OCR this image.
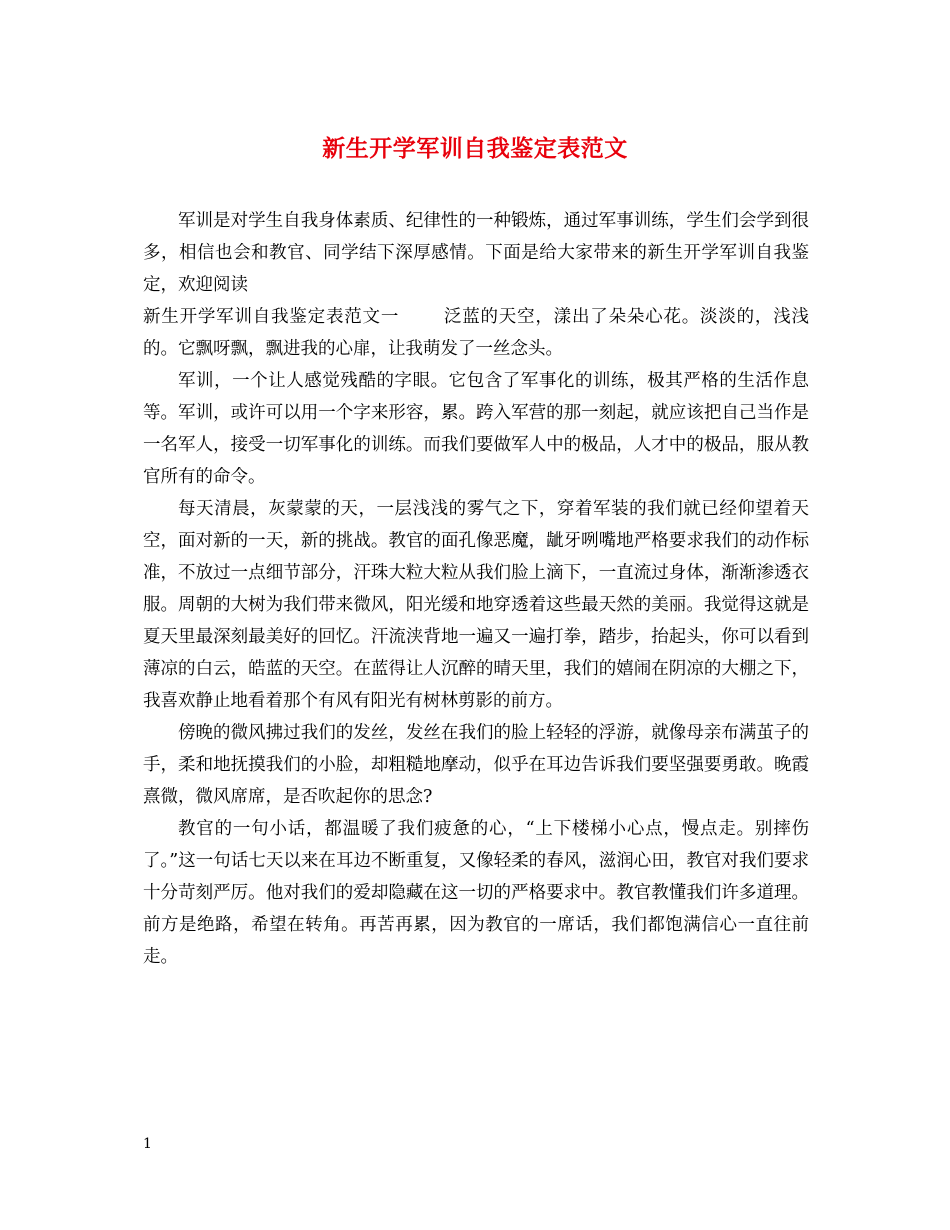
新生开学军训自我鉴定表范文

军训是对学生自我身体素质、纪律性的一种锻炼，通过军事训练，学生们会学到很多，相信也会和教官、同学结下深厚感情。下面是给大家带来的新生开学军训自我鉴定，欢迎阅读

新生开学军训自我鉴定表范文一	泛蓝的天空，漾出了朵朵心花。淡淡的，浅浅的。它飘呀飘，飘进我的心扉，让我萌发了一丝念头。

军训，一个让人感觉残酷的字眼。它包含了军事化的训练，极其严格的生活作息等。军训，或许可以用一个字来形容，累。跨入军营的那一刻起，就应该把自己当作是一名军人，接受一切军事化的训练。而我们要做军人中的极品，人才中的极品，服从教官所有的命令。

每天清晨，灰蒙蒙的天，一层浅浅的雾气之下，穿着军装的我们就已经仰望着天空，面对新的一天，新的挑战。教官的面孔像恶魔，龇牙咧嘴地严格要求我们的动作标准，不放过一点细节部分，汗珠大粒大粒从我们脸上滴下，一直流过身体，渐渐渗透衣服。周朝的大树为我们带来微风，阳光缓和地穿透着这些最天然的美丽。我觉得这就是夏天里最深刻最美好的回忆。汗流浃背地一遍又一遍打拳，踏步，抬起头，你可以看到薄凉的白云，皓蓝的天空。在蓝得让人沉醉的晴天里，我们的嬉闹在阴凉的大棚之下，我喜欢静止地看着那个有风有阳光有树林剪影的前方。

傍晚的微风拂过我们的发丝，发丝在我们的脸上轻轻的浮游，就像母亲布满茧子的手，柔和地抚摸我们的小脸，却粗糙地摩动，似乎在耳边告诉我们要坚强要勇敢。晚霞熹微，微风席席，是否吹起你的思念?

教官的一句小话，都温暖了我们疲惫的心，“上下楼梯小心点，慢点走。别摔伤了。”这一句话七天以来在耳边不断重复，又像轻柔的春风，滋润心田，教官对我们要求十分苛刻严厉。他对我们的爱却隐藏在这一切的严格要求中。教官教懂我们许多道理。前方是绝路，希望在转角。再苦再累，因为教官的一席话，我们都饱满信心一直往前走。

1
